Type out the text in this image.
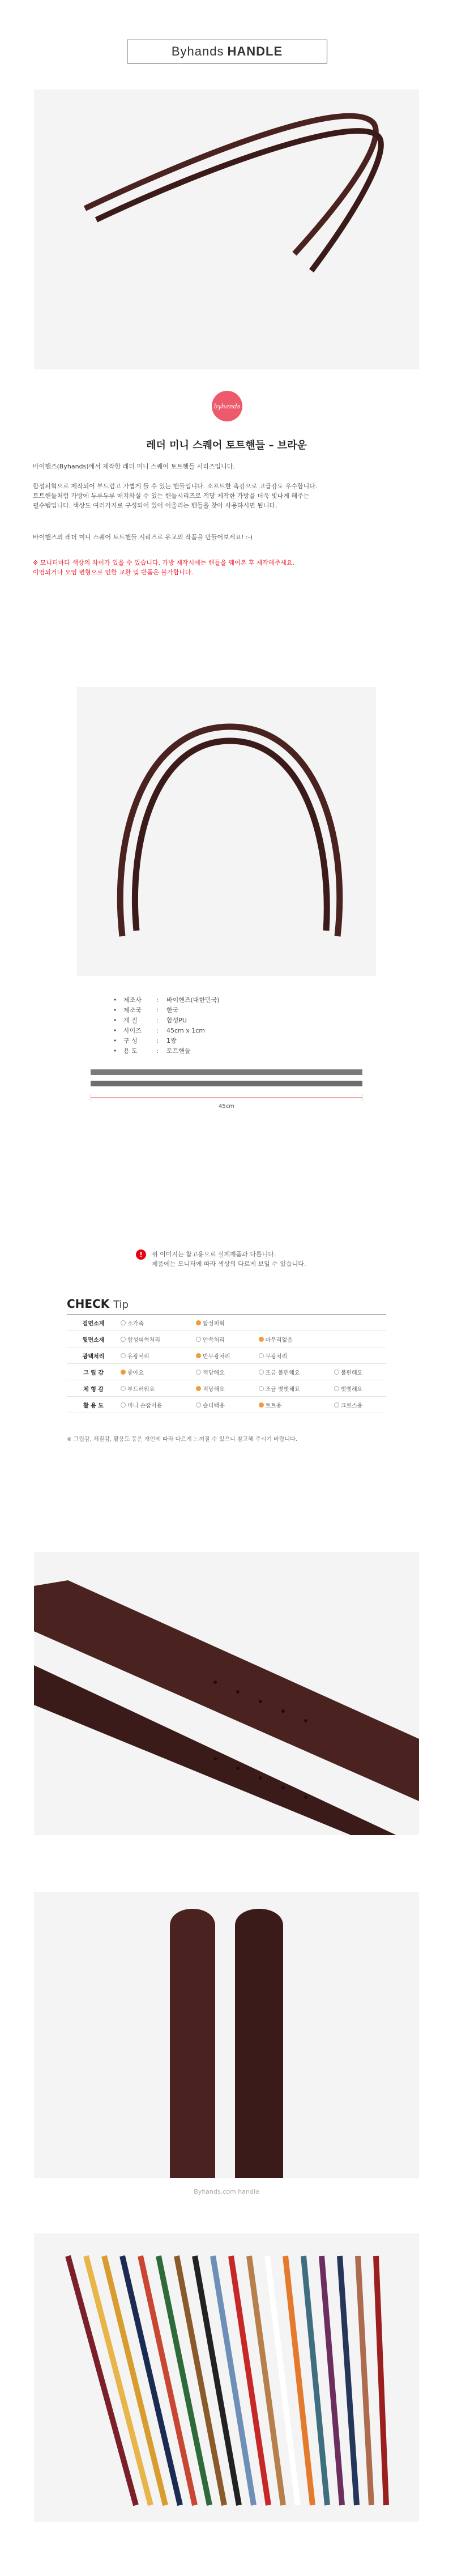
Byhands HANDLE
byhands
레더 미니 스퀘어 토트핸들 – 브라운

바이핸즈(Byhands)에서 제작한 레더 미니 스퀘어 토트핸들 시리즈입니다.

합성피혁으로 제작되어 부드럽고 가볍게 들 수 있는 핸들입니다. 소프트한 촉감으로 고급감도 우수합니다.

토트핸들처럼 가방에 두루두루 매치하실 수 있는 핸들시리즈로 적당 제작한 가방을 더욱 빛나게 해주는

필수템입니다. 색상도 여러가지로 구성되어 있어 어울리는 핸들을 찾아 사용하시면 됩니다.

바이핸즈의 레더 미니 스퀘어 토트핸들 시리즈로 유교의 작품을 만들어보세요! :-)

※ 모니터마다 색상의 차이가 있을 수 있습니다. 가방 제작시에는 핸들을 꿰어본 후 제작해주세요.

이염되거나 오염 변형으로 인한 교환 및 반품은 불가합니다.

•	제조사	:	바이핸즈(대한민국)
•	제조국	:	한국
•	재 질	:	합성PU
•	사이즈	:	45cm x 1cm
•	구 성	:	1쌍
•	용 도	:	토트핸들
45cm
!	위 이미지는 참고용으로 실제제품과 다릅니다.
제품에는 모니터에 따라 색상의 다르게 보일 수 있습니다.
CHECK Tip
겉면소재	소가죽	합성피혁		

뒷면소재	합성피혁처리	안쪽처리	마무리없음	

광택처리	유광처리	반무광처리	무광처리	

그 립 감	좋아요	적당해요	조금 불편해요	불편해요

체 형 감	부드러워요	적당해요	조금 뻣뻣해요	뻣뻣해요

활 용 도	미니 손잡이용	숄더백용	토트용	크로스용
※ 그립감, 체질감, 활용도 등은 개인에 따라 다르게 느껴질 수 있으니 참고해 주시기 바랍니다.
Byhands.com handle
